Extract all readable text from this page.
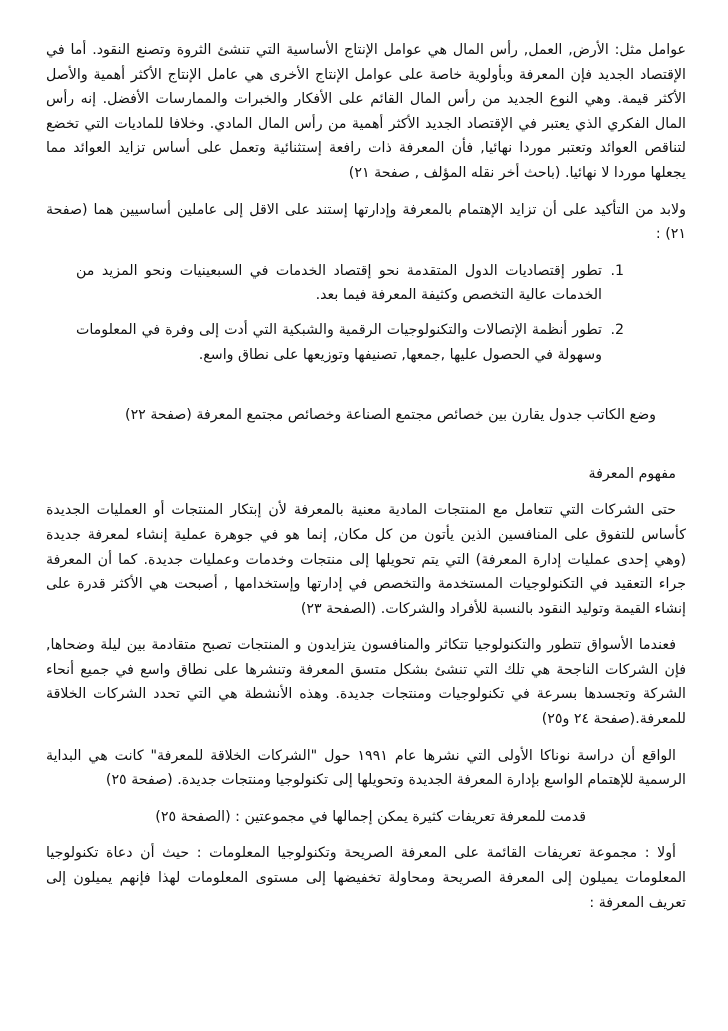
عوامل مثل: الأرض, العمل, رأس المال هي عوامل الإنتاج الأساسية التي تنشئ الثروة وتصنع النقود. أما في الإقتصاد الجديد فإن المعرفة وبأولوية خاصة على عوامل الإنتاج الأخرى هي عامل الإنتاج الأكثر أهمية والأصل الأكثر قيمة. وهي النوع الجديد من رأس المال القائم على الأفكار والخبرات والممارسات الأفضل. إنه رأس المال الفكري الذي يعتبر في الإقتصاد الجديد الأكثر أهمية من رأس المال المادي. وخلافا للماديات التي تخضع لتناقص العوائد وتعتبر موردا نهائيا, فأن المعرفة ذات رافعة إستثنائية وتعمل على أساس تزايد العوائد مما يجعلها موردا لا نهائيا. (باحث أخر نقله المؤلف , صفحة ٢١)

ولابد من التأكيد على أن تزايد الإهتمام بالمعرفة وإدارتها إستند على الاقل إلى عاملين أساسيين هما (صفحة ٢١) :

1.
تطور إقتصاديات الدول المتقدمة نحو إقتصاد الخدمات في السبعينيات ونحو المزيد من الخدمات عالية التخصص وكثيفة المعرفة فيما بعد.
2.
تطور أنظمة الإتصالات والتكنولوجيات الرقمية والشبكية التي أدت إلى وفرة في المعلومات وسهولة في الحصول عليها ,جمعها, تصنيفها وتوزيعها على نطاق واسع.

وضع الكاتب جدول يقارن بين خصائص مجتمع الصناعة وخصائص مجتمع المعرفة (صفحة ٢٢)

مفهوم المعرفة

حتى الشركات التي تتعامل مع المنتجات المادية معنية بالمعرفة لأن إبتكار المنتجات أو العمليات الجديدة كأساس للتفوق على المنافسين الذين يأتون من كل مكان, إنما هو في جوهرة عملية إنشاء لمعرفة جديدة (وهي إحدى عمليات إدارة المعرفة) التي يتم تحويلها إلى منتجات وخدمات وعمليات جديدة. كما أن المعرفة جراء التعقيد في التكنولوجيات المستخدمة والتخصص في إدارتها وإستخدامها , أصبحت هي الأكثر قدرة على إنشاء القيمة وتوليد النقود بالنسبة للأفراد والشركات. (الصفحة ٢٣)

فعندما الأسواق تتطور والتكنولوجيا تتكاثر والمنافسون يتزايدون و المنتجات تصبح متقادمة بين ليلة وضحاها, فإن الشركات الناجحة هي تلك التي تنشئ بشكل متسق المعرفة وتنشرها على نطاق واسع في جميع أنحاء الشركة وتجسدها بسرعة في تكنولوجيات ومنتجات جديدة. وهذه الأنشطة هي التي تحدد الشركات الخلاقة للمعرفة.(صفحة ٢٤ و٢٥)

الواقع أن دراسة نوناكا الأولى التي نشرها عام ١٩٩١ حول "الشركات الخلاقة للمعرفة" كانت هي البداية الرسمية للإهتمام الواسع بإدارة المعرفة الجديدة وتحويلها إلى تكنولوجيا ومنتجات جديدة. (صفحة ٢٥)

قدمت للمعرفة تعريفات كثيرة يمكن إجمالها في مجموعتين : (الصفحة ٢٥)

أولا : مجموعة تعريفات القائمة على المعرفة الصريحة وتكنولوجيا المعلومات : حيث أن دعاة تكنولوجيا المعلومات يميلون إلى المعرفة الصريحة ومحاولة تخفيضها إلى مستوى المعلومات لهذا فإنهم يميلون إلى تعريف المعرفة :
